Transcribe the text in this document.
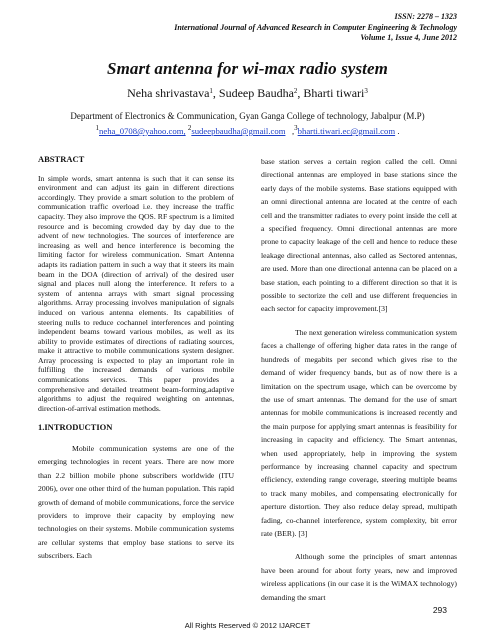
ISSN: 2278 – 1323
International Journal of Advanced Research in Computer Engineering & Technology
Volume 1, Issue 4, June 2012
Smart antenna for wi-max radio system
Neha shrivastava$^1$, Sudeep Baudha$^2$, Bharti tiwari$^3$
Department of Electronics & Communication, Gyan Ganga College of technology, Jabalpur (M.P)
$^1$neha_0708@yahoo.com, $^2$sudeepbaudha@gmail.com   ,$^3$bharti.tiwari.ec@gmail.com .
ABSTRACT

In simple words, smart antenna is such that it can sense its environment and can adjust its gain in different directions accordingly. They provide a smart solution to the problem of communication traffic overload i.e. they increase the traffic capacity. They also improve the QOS. RF spectrum is a limited resource and is becoming crowded day by day due to the advent of new technologies. The sources of interference are increasing as well and hence interference is becoming the limiting factor for wireless communication. Smart Antenna adapts its radiation pattern in such a way that it steers its main beam in the DOA (direction of arrival) of the desired user signal and places null along the interference. It refers to a system of antenna arrays with smart signal processing algorithms. Array processing involves manipulation of signals induced on various antenna elements. Its capabilities of steering nulls to reduce cochannel interferences and pointing independent beams toward various mobiles, as well as its ability to provide estimates of directions of radiating sources, make it attractive to mobile communications system designer. Array processing is expected to play an important role in fulfilling the increased demands of various mobile communications services. This paper provides a comprehensive and detailed treatment beam-forming,adaptive algorithms to adjust the required weighting on antennas, direction-of-arrival estimation methods.

1.INTRODUCTION

Mobile communication systems are one of the emerging technologies in recent years. There are now more than 2.2 billion mobile phone subscribers worldwide (ITU 2006), over one other third of the human population. This rapid growth of demand of mobile communications, force the service providers to improve their capacity by employing new technologies on their systems. Mobile communication systems are cellular systems that employ base stations to serve its subscribers. Each

base station serves a certain region called the cell. Omni directional antennas are employed in base stations since the early days of the mobile systems. Base stations equipped with an omni directional antenna are located at the centre of each cell and the transmitter radiates to every point inside the cell at a specified frequency. Omni directional antennas are more prone to capacity leakage of the cell and hence to reduce these leakage directional antennas, also called as Sectored antennas, are used. More than one directional antenna can be placed on a base station, each pointing to a different direction so that it is possible to sectorize the cell and use different frequencies in each sector for capacity improvement.[3]

The next generation wireless communication system faces a challenge of offering higher data rates in the range of hundreds of megabits per second which gives rise to the demand of wider frequency bands, but as of now there is a limitation on the spectrum usage, which can be overcome by the use of smart antennas. The demand for the use of smart antennas for mobile communications is increased recently and the main purpose for applying smart antennas is feasibility for increasing in capacity and efficiency. The Smart antennas, when used appropriately, help in improving the system performance by increasing channel capacity and spectrum efficiency, extending range coverage, steering multiple beams to track many mobiles, and compensating electronically for aperture distortion. They also reduce delay spread, multipath fading, co-channel interference, system complexity, bit error rate (BER). [3]

Although some the principles of smart antennas have been around for about forty years, new and improved wireless applications (in our case it is the WiMAX technology) demanding the smart

293
All Rights Reserved © 2012 IJARCET
